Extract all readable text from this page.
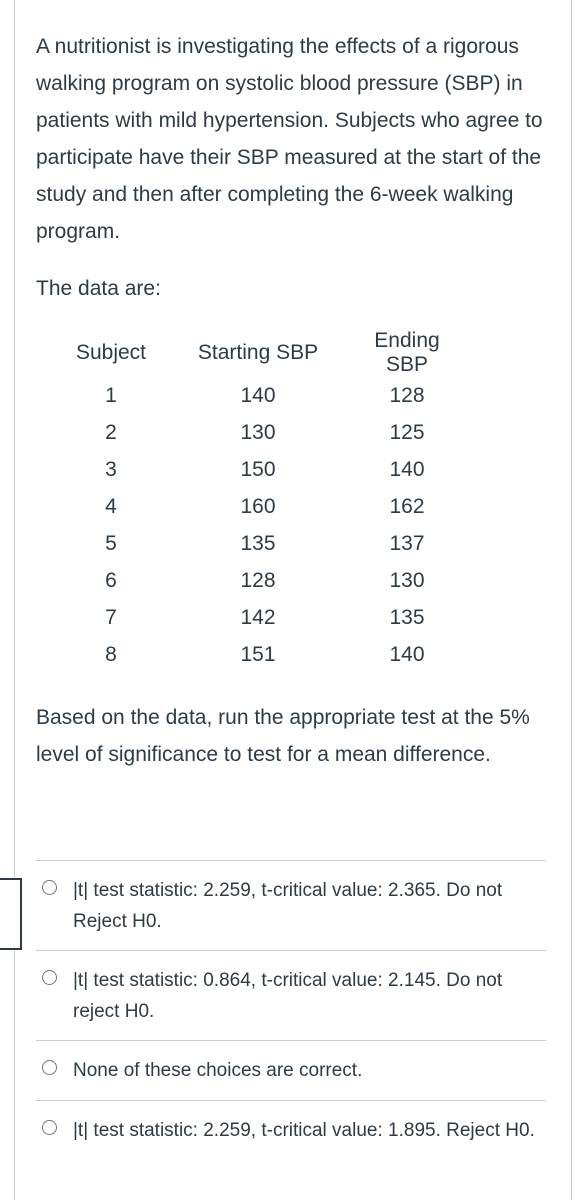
A nutritionist is investigating the effects of a rigorous walking program on systolic blood pressure (SBP) in patients with mild hypertension. Subjects who agree to participate have their SBP measured at the start of the study and then after completing the 6-week walking program.

The data are:

Subject	Starting SBP	Ending SBP
1	140	128
2	130	125
3	150	140
4	160	162
5	135	137
6	128	130
7	142	135
8	151	140

Based on the data, run the appropriate test at the 5% level of significance to test for a mean difference.

|t| test statistic: 2.259, t-critical value: 2.365. Do not Reject H0.
|t| test statistic: 0.864, t-critical value: 2.145. Do not reject H0.
None of these choices are correct.
|t| test statistic: 2.259, t-critical value: 1.895. Reject H0.
